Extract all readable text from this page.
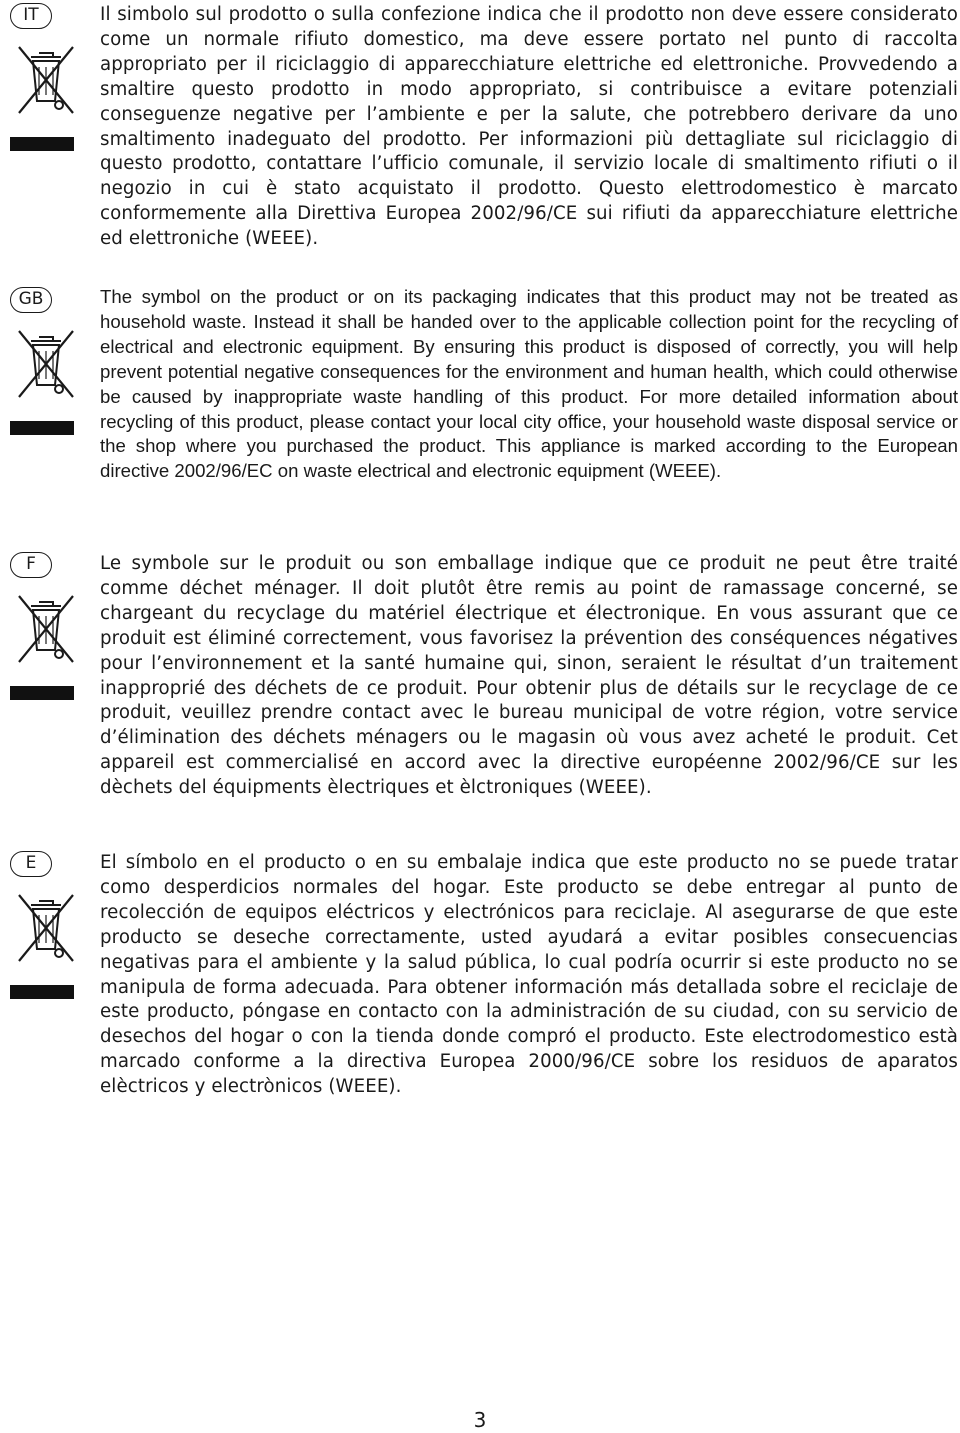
IT	Il simbolo sul prodotto o sulla confezione indica che il prodotto non deve essere considerato come un normale rifiuto domestico, ma deve essere portato nel punto di raccolta appropriato per il riciclaggio di apparecchiature elettriche ed elettroniche. Provvedendo a smaltire questo prodotto in modo appropriato, si contribuisce a evitare potenziali conseguenze negative per l’ambiente e per la salute, che potrebbero derivare da uno smaltimento inadeguato del prodotto. Per informazioni più dettagliate sul riciclaggio di questo prodotto, contattare l’ufficio comunale, il servizio locale di smaltimento rifiuti o il negozio in cui è stato acquistato il prodotto. Questo elettrodomestico è marcato conformemente alla Direttiva Europea 2002/96/CE sui rifiuti da apparecchiature elettriche ed elettroniche (WEEE).

GB	The symbol on the product or on its packaging indicates that this product may not be treated as household waste. Instead it shall be handed over to the applicable collection point for the recycling of electrical and electronic equipment. By ensuring this product is disposed of correctly, you will help prevent potential negative consequences for the environment and human health, which could otherwise be caused by inappropriate waste handling of this product. For more detailed information about recycling of this product, please contact your local city office, your household waste disposal service or the shop where you purchased the product. This appliance is marked according to the European directive 2002/96/EC on waste electrical and electronic equipment (WEEE).

F	Le symbole sur le produit ou son emballage indique que ce produit ne peut être traité comme déchet ménager. Il doit plutôt être remis au point de ramassage concerné, se chargeant du recyclage du matériel électrique et électronique. En vous assurant que ce produit est éliminé correctement, vous favorisez la prévention des conséquences négatives pour l’environnement et la santé humaine qui, sinon, seraient le résultat d’un traitement inapproprié des déchets de ce produit. Pour obtenir plus de détails sur le recyclage de ce produit, veuillez prendre contact avec le bureau municipal de votre région, votre service d’élimination des déchets ménagers ou le magasin où vous avez acheté le produit. Cet appareil est commercialisé en accord avec la directive européenne 2002/96/CE sur les dèchets del équipments èlectriques et èlctroniques (WEEE).

E	El símbolo en el producto o en su embalaje indica que este producto no se puede tratar como desperdicios normales del hogar. Este producto se debe entregar al punto de recolección de equipos eléctricos y electrónicos para reciclaje. Al asegurarse de que este producto se deseche correctamente, usted ayudará a evitar posibles consecuencias negativas para el ambiente y la salud pública, lo cual podría ocurrir si este producto no se manipula de forma adecuada. Para obtener información más detallada sobre el reciclaje de este producto, póngase en contacto con la administración de su ciudad, con su servicio de desechos del hogar o con la tienda donde compró el producto. Este electrodomestico està marcado conforme a la directiva Europea 2000/96/CE sobre los residuos de aparatos elèctricos y electrònicos (WEEE).

3
